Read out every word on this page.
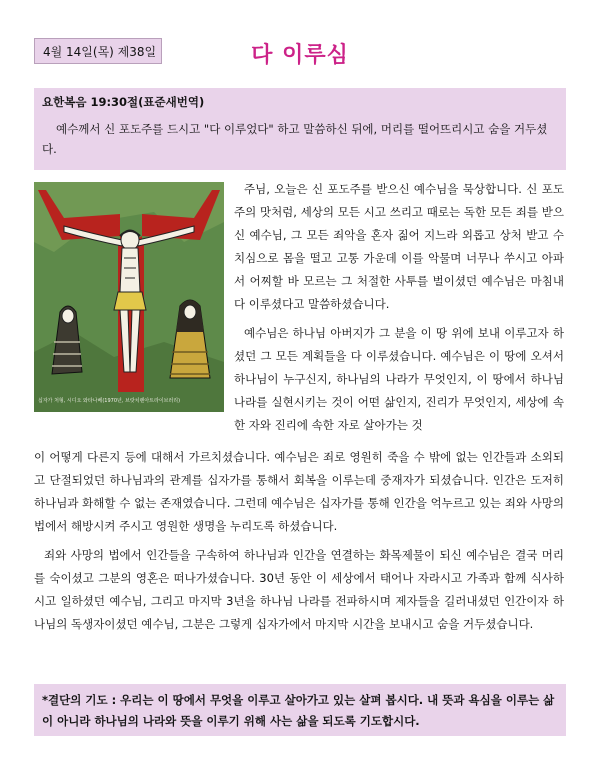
4월 14일(목) 제38일	다 이루심
요한복음 19:30절(표준새번역)
예수께서 신 포도주를 드시고 "다 이루었다" 하고 말씀하신 뒤에, 머리를 떨어뜨리시고 숨을 거두셨다.
십자가 처형, 시디오 와타나베(1970년, 브랏치렌아트라이브러리)
주님, 오늘은 신 포도주를 받으신 예수님을 묵상합니다. 신 포도주의 맛처럼, 세상의 모든 시고 쓰리고 때로는 독한 모든 죄를 받으신 예수님, 그 모든 죄악을 혼자 짊어 지느라 외롭고 상처 받고 수치심으로 몸을 떨고 고통 가운데 이를 악물며 너무나 쑤시고 아파서 어찌할 바 모르는 그 처절한 사투를 벌이셨던 예수님은 마침내 다 이루셨다고 말씀하셨습니다.
예수님은 하나님 아버지가 그 분을 이 땅 위에 보내 이루고자 하셨던 그 모든 계획들을 다 이루셨습니다. 예수님은 이 땅에 오셔서 하나님이 누구신지, 하나님의 나라가 무엇인지, 이 땅에서 하나님 나라를 실현시키는 것이 어떤 삶인지, 진리가 무엇인지, 세상에 속한 자와 진리에 속한 자로 살아가는 것
이 어떻게 다른지 등에 대해서 가르치셨습니다. 예수님은 죄로 영원히 죽을 수 밖에 없는 인간들과 소외되고 단절되었던 하나님과의 관계를 십자가를 통해서 회복을 이루는데 중재자가 되셨습니다. 인간은 도저히 하나님과 화해할 수 없는 존재였습니다. 그런데 예수님은 십자가를 통해 인간을 억누르고 있는 죄와 사망의 법에서 해방시켜 주시고 영원한 생명을 누리도록 하셨습니다.
죄와 사망의 법에서 인간들을 구속하여 하나님과 인간을 연결하는 화목제물이 되신 예수님은 결국 머리를 숙이셨고 그분의 영혼은 떠나가셨습니다. 30년 동안 이 세상에서 태어나 자라시고 가족과 함께 식사하시고 일하셨던 예수님, 그리고 마지막 3년을 하나님 나라를 전파하시며 제자들을 길러내셨던 인간이자 하나님의 독생자이셨던 예수님, 그분은 그렇게 십자가에서 마지막 시간을 보내시고 숨을 거두셨습니다.
*결단의 기도 : 우리는 이 땅에서 무엇을 이루고 살아가고 있는 살펴 봅시다. 내 뜻과 욕심을 이루는 삶이 아니라 하나님의 나라와 뜻을 이루기 위해 사는 삶을 되도록 기도합시다.
